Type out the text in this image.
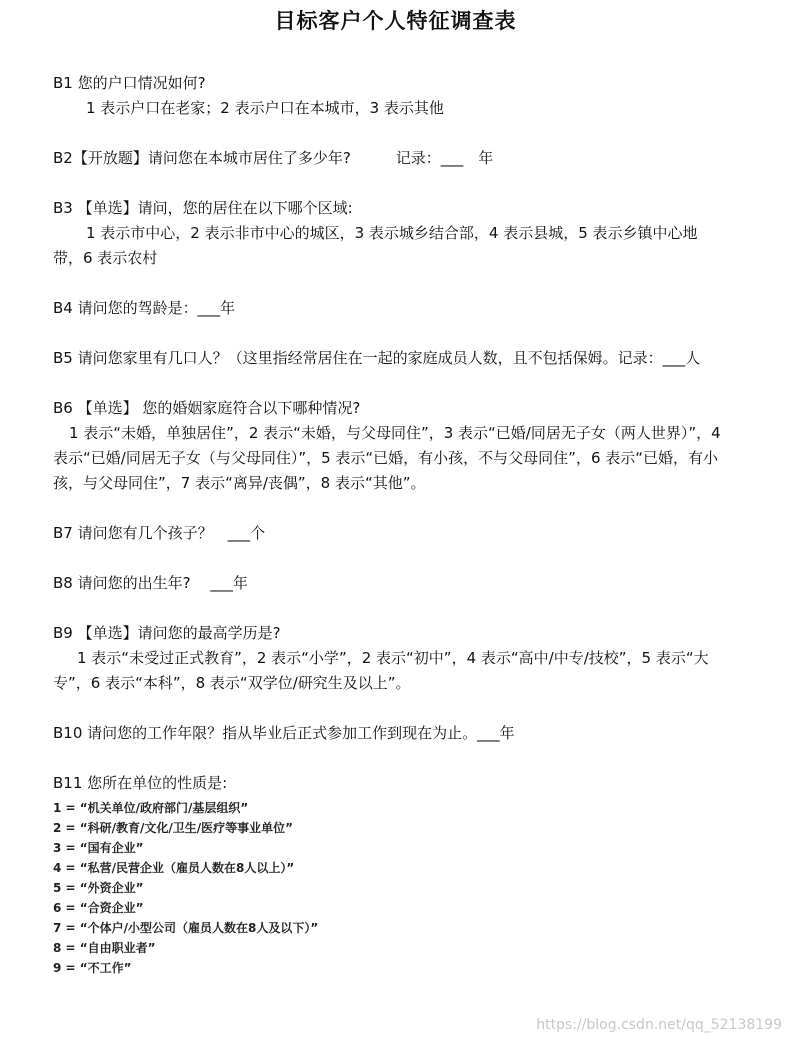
目标客户个人特征调查表
B1 您的户口情况如何?
1 表示户口在老家；2 表示户口在本城市，3 表示其他
B2【开放题】请问您在本城市居住了多少年?　　　记录：___　年
B3 【单选】请问，您的居住在以下哪个区域:
1 表示市中心，2 表示非市中心的城区，3 表示城乡结合部，4 表示县城，5 表示乡镇中心地带，6 表示农村
B4 请问您的驾龄是：___年
B5 请问您家里有几口人？（这里指经常居住在一起的家庭成员人数，且不包括保姆。记录：___人
B6 【单选】 您的婚姻家庭符合以下哪种情况?
1 表示“未婚，单独居住”，2 表示“未婚，与父母同住”，3 表示“已婚/同居无子女（两人世界）”，4 表示“已婚/同居无子女（与父母同住）”，5 表示“已婚，有小孩，不与父母同住”，6 表示“已婚，有小孩，与父母同住”，7 表示“离异/丧偶”，8 表示“其他”。
B7 请问您有几个孩子？　___个
B8 请问您的出生年?　 ___年
B9 【单选】请问您的最高学历是?
1 表示“未受过正式教育”，2 表示“小学”，2 表示“初中”，4 表示“高中/中专/技校”，5 表示“大专”，6 表示“本科”，8 表示“双学位/研究生及以上”。
B10 请问您的工作年限？指从毕业后正式参加工作到现在为止。___年
B11 您所在单位的性质是:
1 = “机关单位/政府部门/基层组织”
2 = “科研/教育/文化/卫生/医疗等事业单位”
3 = “国有企业”
4 = “私营/民营企业（雇员人数在8人以上）”
5 = “外资企业”
6 = “合资企业”
7 = “个体户/小型公司（雇员人数在8人及以下）”
8 = “自由职业者”
9 = “不工作”
https://blog.csdn.net/qq_52138199
